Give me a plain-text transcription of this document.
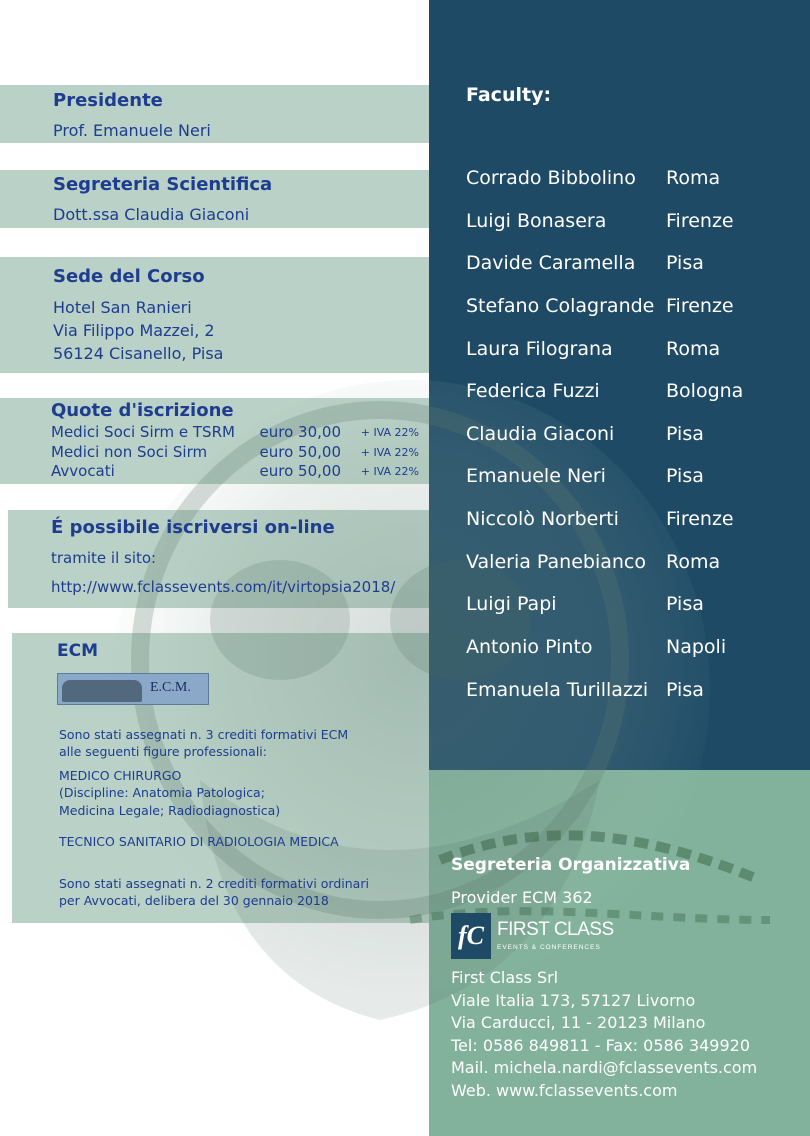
Presidente
Prof. Emanuele Neri
Segreteria Scientifica
Dott.ssa Claudia Giaconi
Sede del Corso
Hotel San Ranieri
Via Filippo Mazzei, 2
56124 Cisanello, Pisa
Quote d'iscrizione
Medici Soci Sirm e TSRM euro 30,00 + IVA 22%
Medici non Soci Sirm	euro 50,00 + IVA 22%
Avvocati	euro 50,00 + IVA 22%
É possibile iscriversi on-line
tramite il sito:
http://www.fclassevents.com/it/virtopsia2018/
ECM
E.C.M.
Sono stati assegnati n. 3 crediti formativi ECM
alle seguenti figure professionali:
MEDICO CHIRURGO
(Discipline: Anatomia Patologica;
Medicina Legale; Radiodiagnostica)
TECNICO SANITARIO DI RADIOLOGIA MEDICA
Sono stati assegnati n. 2 crediti formativi ordinari
per Avvocati, delibera del 30 gennaio 2018
Faculty:
Corrado Bibbolino Roma
Luigi Bonasera	Firenze
Davide Caramella Pisa
Stefano Colagrande Firenze
Laura Filograna	Roma
Federica Fuzzi	Bologna
Claudia Giaconi	Pisa
Emanuele Neri	Pisa
Niccolò Norberti Firenze
Valeria Panebianco Roma
Luigi Papi	Pisa
Antonio Pinto	Napoli
Emanuela Turillazzi Pisa
Segreteria Organizzativa
Provider ECM 362
fC FIRST CLASS
EVENTS & CONFERENCES
First Class Srl
Viale Italia 173, 57127 Livorno
Via Carducci, 11 - 20123 Milano
Tel: 0586 849811 - Fax: 0586 349920
Mail. michela.nardi@fclassevents.com
Web. www.fclassevents.com
